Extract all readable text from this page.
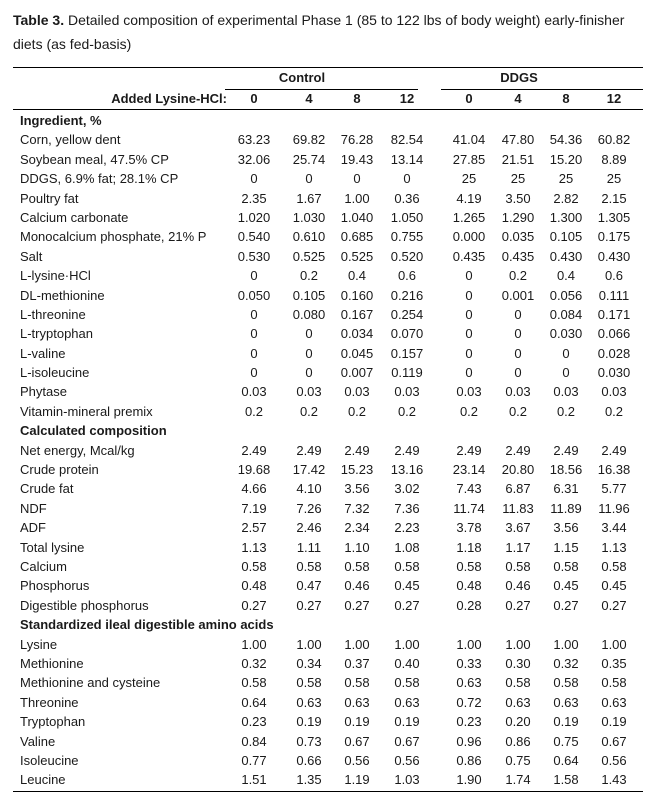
Table 3. Detailed composition of experimental Phase 1 (85 to 122 lbs of body weight) early-finisher diets (as fed-basis)
Control	DDGS
Added Lysine-HCl:	0	4	8	12	0	4	8	12
Ingredient, %
Corn, yellow dent	63.23	69.82	76.28	82.54	41.04	47.80	54.36	60.82
Soybean meal, 47.5% CP	32.06	25.74	19.43	13.14	27.85	21.51	15.20	8.89
DDGS, 6.9% fat; 28.1% CP	0	0	0	0	25	25	25	25
Poultry fat	2.35	1.67	1.00	0.36	4.19	3.50	2.82	2.15
Calcium carbonate	1.020	1.030	1.040	1.050	1.265	1.290	1.300	1.305
Monocalcium phosphate, 21% P	0.540	0.610	0.685	0.755	0.000	0.035	0.105	0.175
Salt	0.530	0.525	0.525	0.520	0.435	0.435	0.430	0.430
L-lysine·HCl	0	0.2	0.4	0.6	0	0.2	0.4	0.6
DL-methionine	0.050	0.105	0.160	0.216	0	0.001	0.056	0.111
L-threonine	0	0.080	0.167	0.254	0	0	0.084	0.171
L-tryptophan	0	0	0.034	0.070	0	0	0.030	0.066
L-valine	0	0	0.045	0.157	0	0	0	0.028
L-isoleucine	0	0	0.007	0.119	0	0	0	0.030
Phytase	0.03	0.03	0.03	0.03	0.03	0.03	0.03	0.03
Vitamin-mineral premix	0.2	0.2	0.2	0.2	0.2	0.2	0.2	0.2
Calculated composition
Net energy, Mcal/kg	2.49	2.49	2.49	2.49	2.49	2.49	2.49	2.49
Crude protein	19.68	17.42	15.23	13.16	23.14	20.80	18.56	16.38
Crude fat	4.66	4.10	3.56	3.02	7.43	6.87	6.31	5.77
NDF	7.19	7.26	7.32	7.36	11.74	11.83	11.89	11.96
ADF	2.57	2.46	2.34	2.23	3.78	3.67	3.56	3.44
Total lysine	1.13	1.11	1.10	1.08	1.18	1.17	1.15	1.13
Calcium	0.58	0.58	0.58	0.58	0.58	0.58	0.58	0.58
Phosphorus	0.48	0.47	0.46	0.45	0.48	0.46	0.45	0.45
Digestible phosphorus	0.27	0.27	0.27	0.27	0.28	0.27	0.27	0.27
Standardized ileal digestible amino acids
Lysine	1.00	1.00	1.00	1.00	1.00	1.00	1.00	1.00
Methionine	0.32	0.34	0.37	0.40	0.33	0.30	0.32	0.35
Methionine and cysteine	0.58	0.58	0.58	0.58	0.63	0.58	0.58	0.58
Threonine	0.64	0.63	0.63	0.63	0.72	0.63	0.63	0.63
Tryptophan	0.23	0.19	0.19	0.19	0.23	0.20	0.19	0.19
Valine	0.84	0.73	0.67	0.67	0.96	0.86	0.75	0.67
Isoleucine	0.77	0.66	0.56	0.56	0.86	0.75	0.64	0.56
Leucine	1.51	1.35	1.19	1.03	1.90	1.74	1.58	1.43
